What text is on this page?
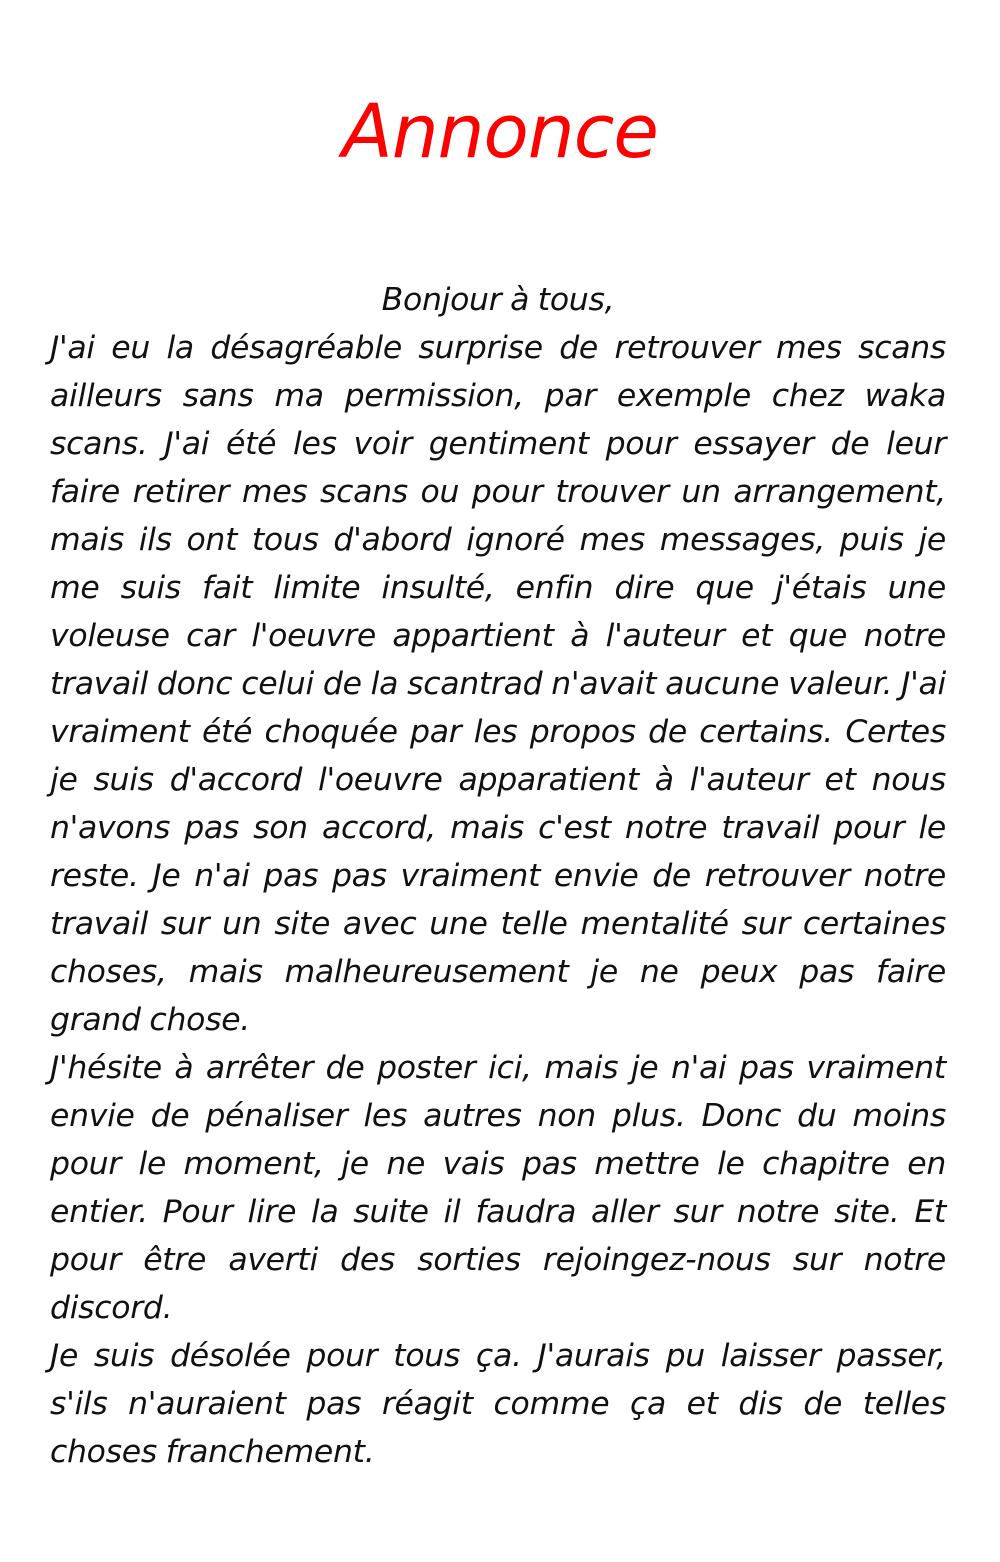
Annonce

Bonjour à tous,

J'ai eu la désagréable surprise de retrouver mes scans ailleurs sans ma permission, par exemple chez waka scans. J'ai été les voir gentiment pour essayer de leur faire retirer mes scans ou pour trouver un arrangement, mais ils ont tous d'abord ignoré mes messages, puis je me suis fait limite insulté, enfin dire que j'étais une voleuse car l'oeuvre appartient à l'auteur et que notre travail donc celui de la scantrad n'avait aucune valeur. J'ai vraiment été choquée par les propos de certains. Certes je suis d'accord l'oeuvre apparatient à l'auteur et nous n'avons pas son accord, mais c'est notre travail pour le reste. Je n'ai pas pas vraiment envie de retrouver notre travail sur un site avec une telle mentalité sur certaines choses, mais malheureusement je ne peux pas faire grand chose.

J'hésite à arrêter de poster ici, mais je n'ai pas vraiment envie de pénaliser les autres non plus. Donc du moins pour le moment, je ne vais pas mettre le chapitre en entier. Pour lire la suite il faudra aller sur notre site. Et pour être averti des sorties rejoingez-nous sur notre discord.

Je suis désolée pour tous ça. J'aurais pu laisser passer, s'ils n'auraient pas réagit comme ça et dis de telles choses franchement.
